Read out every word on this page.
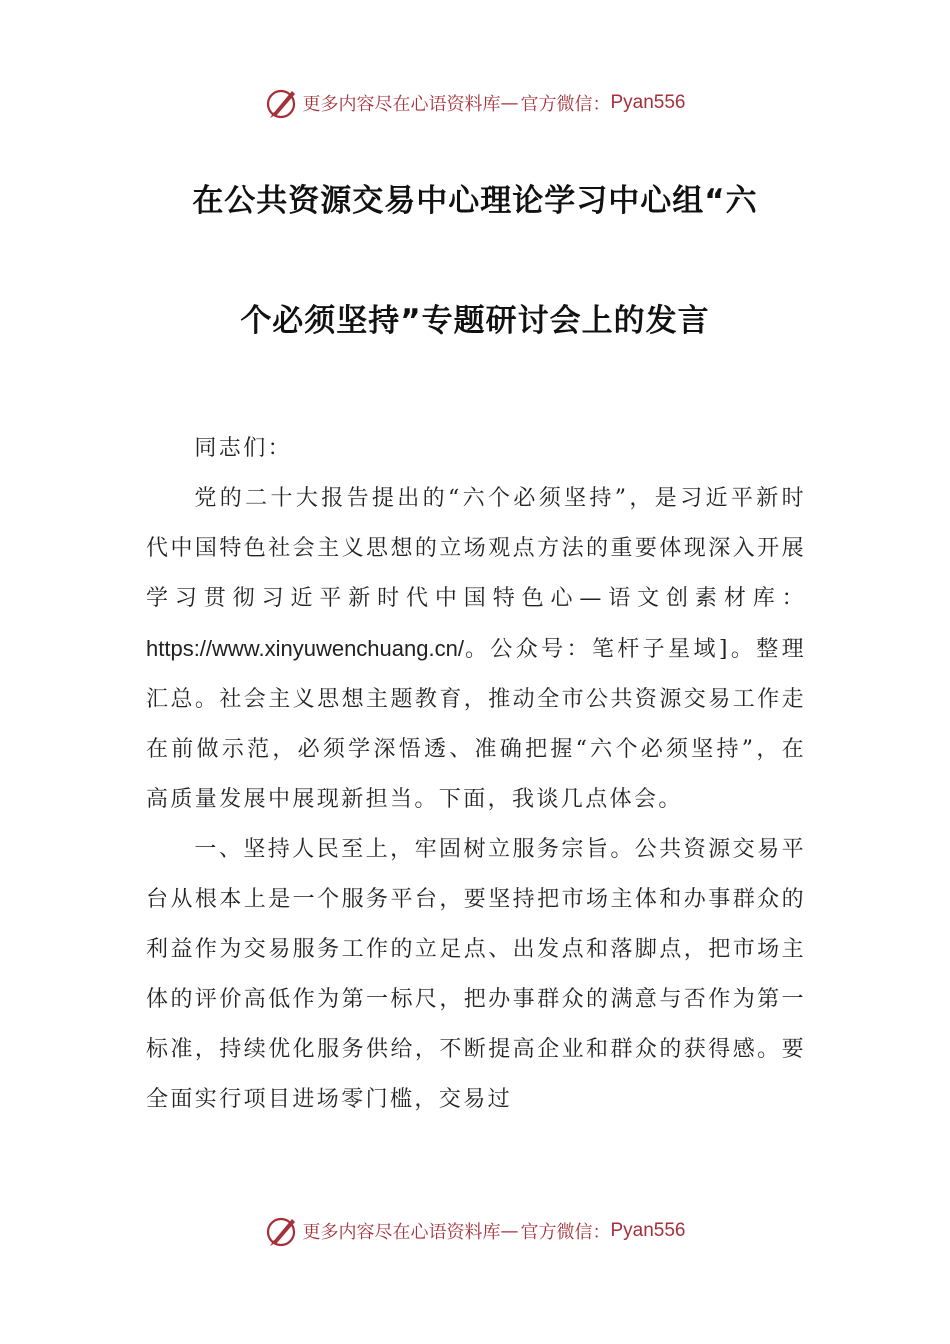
更多内容尽在心语资料库 — 官方微信： Pyan556
在公共资源交易中心理论学习中心组“六
个必须坚持”专题研讨会上的发言

同志们：

党的二十大报告提出的“六个必须坚持”，是习近平新时代中国特色社会主义思想的立场观点方法的重要体现深入开展学习贯彻习近平新时代中国特色心—语文创素材库：https://www.xinyuwenchuang.cn/。公众号：笔杆子星域]。整理汇总。社会主义思想主题教育，推动全市公共资源交易工作走在前做示范，必须学深悟透、准确把握“六个必须坚持”，在高质量发展中展现新担当。下面，我谈几点体会。

一、坚持人民至上，牢固树立服务宗旨。公共资源交易平台从根本上是一个服务平台，要坚持把市场主体和办事群众的利益作为交易服务工作的立足点、出发点和落脚点，把市场主体的评价高低作为第一标尺，把办事群众的满意与否作为第一标准，持续优化服务供给，不断提高企业和群众的获得感。要全面实行项目进场零门槛，交易过

更多内容尽在心语资料库 — 官方微信： Pyan556
